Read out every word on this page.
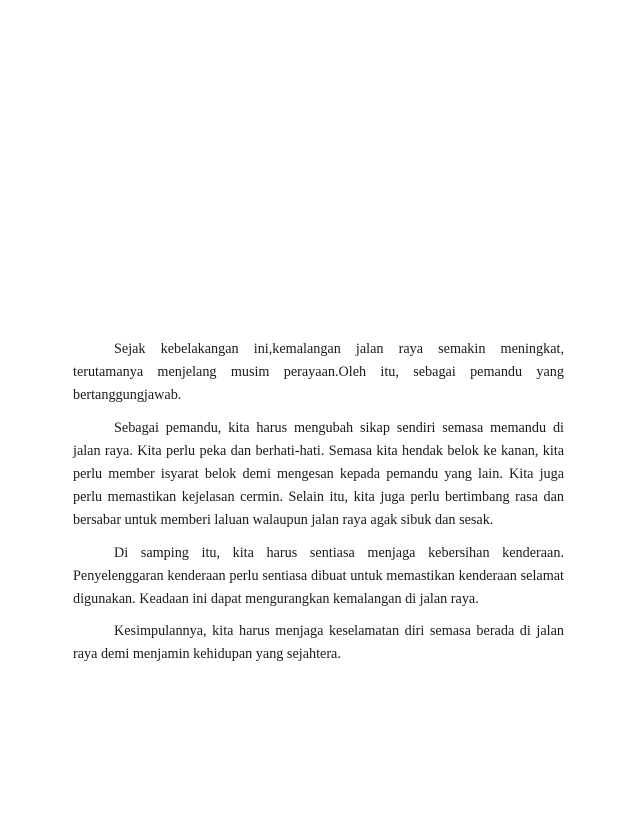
Sejak kebelakangan ini,kemalangan jalan raya semakin meningkat, terutamanya menjelang musim perayaan.Oleh itu, sebagai pemandu yang bertanggungjawab.

Sebagai pemandu, kita harus mengubah sikap sendiri semasa memandu di jalan raya. Kita perlu peka dan berhati-hati. Semasa kita hendak belok ke kanan, kita perlu member isyarat belok demi mengesan kepada pemandu yang lain. Kita juga perlu memastikan kejelasan cermin. Selain itu, kita juga perlu bertimbang rasa dan bersabar untuk memberi laluan walaupun jalan raya agak sibuk dan sesak.

Di samping itu, kita harus sentiasa menjaga kebersihan kenderaan. Penyelenggaran kenderaan perlu sentiasa dibuat untuk memastikan kenderaan selamat digunakan. Keadaan ini dapat mengurangkan kemalangan di jalan raya.

Kesimpulannya, kita harus menjaga keselamatan diri semasa berada di jalan raya demi menjamin kehidupan yang sejahtera.
